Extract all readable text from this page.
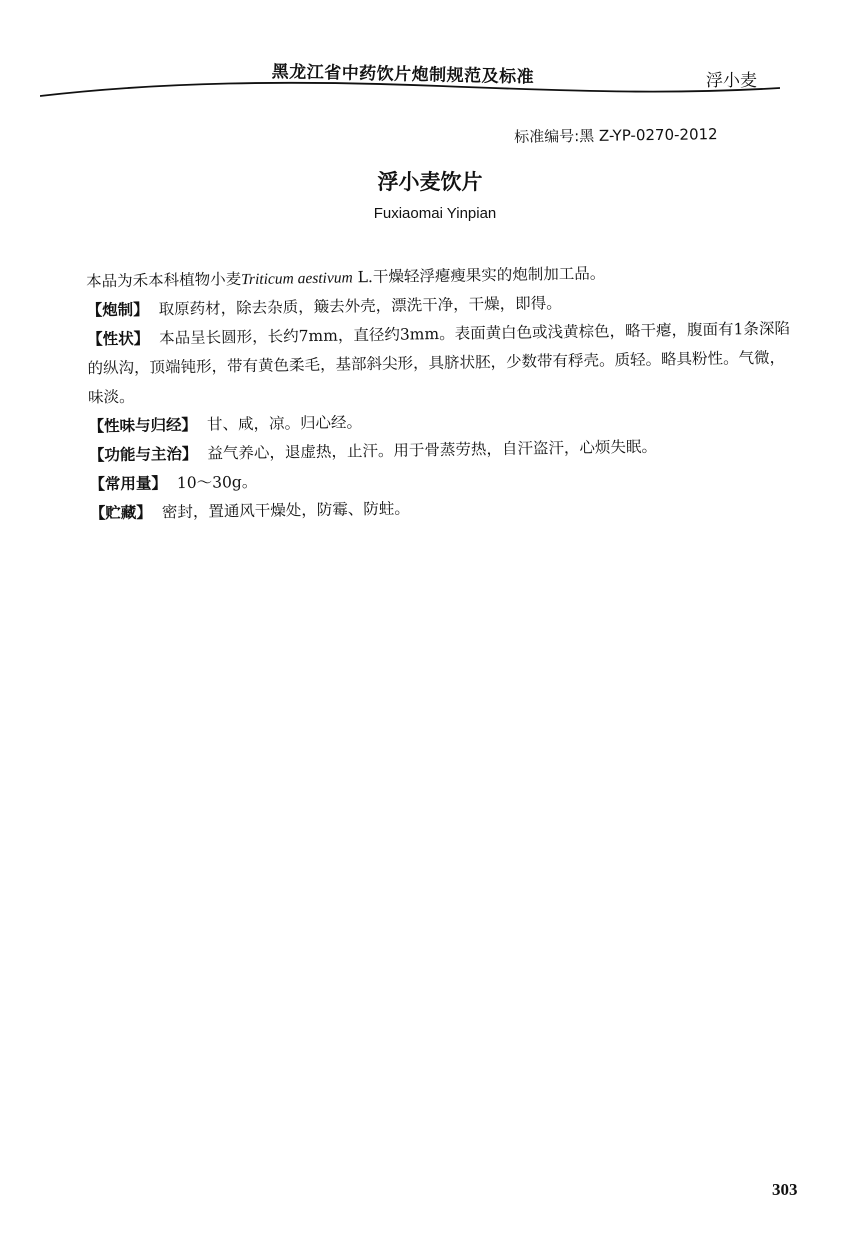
黑龙江省中药饮片炮制规范及标准	浮小麦
标准编号:黑 Z-YP-0270-2012
浮小麦饮片
Fuxiaomai Yinpian

本品为禾本科植物小麦Triticum aestivum L.干燥轻浮瘪瘦果实的炮制加工品。

【炮制】 取原药材，除去杂质，簸去外壳，漂洗干净，干燥，即得。

【性状】 本品呈长圆形，长约7mm，直径约3mm。表面黄白色或浅黄棕色，略干瘪，腹面有1条深陷的纵沟，顶端钝形，带有黄色柔毛，基部斜尖形，具脐状胚，少数带有稃壳。质轻。略具粉性。气微，味淡。

【性味与归经】 甘、咸，凉。归心经。

【功能与主治】 益气养心，退虚热，止汗。用于骨蒸劳热，自汗盗汗，心烦失眠。

【常用量】 10～30g。

【贮藏】 密封，置通风干燥处，防霉、防蛀。

303
